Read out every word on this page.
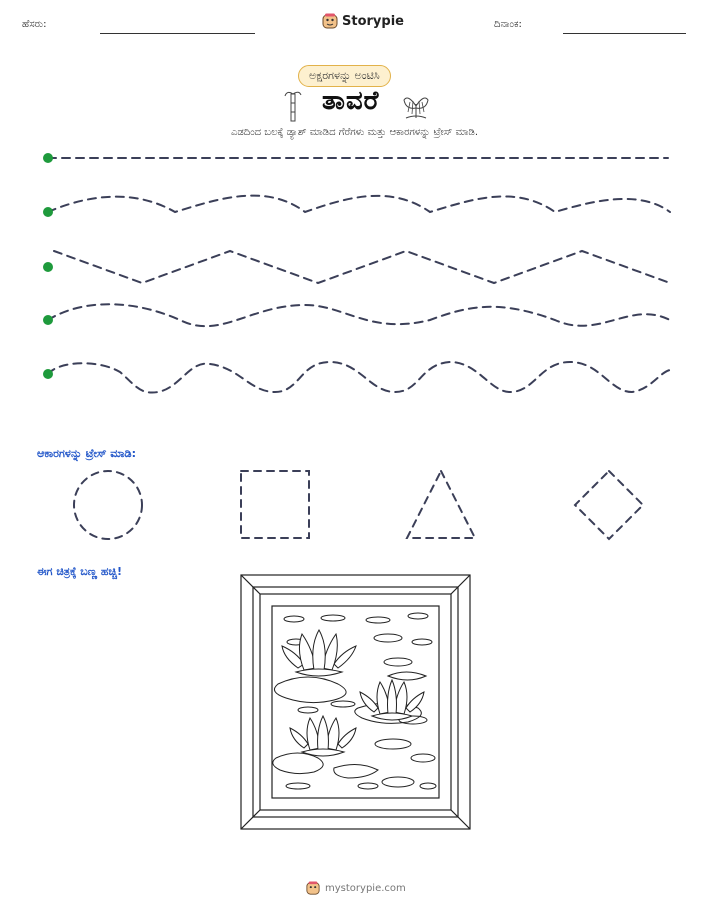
ಹೆಸರು:	Storypie	ದಿನಾಂಕ:
ಅಕ್ಷರಗಳನ್ನು ಅಂಟಿಸಿ
ತಾವರೆ
ಎಡದಿಂದ ಬಲಕ್ಕೆ ಡ್ಯಾಶ್ ಮಾಡಿದ ಗೆರೆಗಳು ಮತ್ತು ಆಕಾರಗಳನ್ನು ಟ್ರೇಸ್ ಮಾಡಿ.
ಆಕಾರಗಳನ್ನು ಟ್ರೇಸ್ ಮಾಡಿ:
ಈಗ ಚಿತ್ರಕ್ಕೆ ಬಣ್ಣ ಹಚ್ಚಿ!
mystorypie.com
